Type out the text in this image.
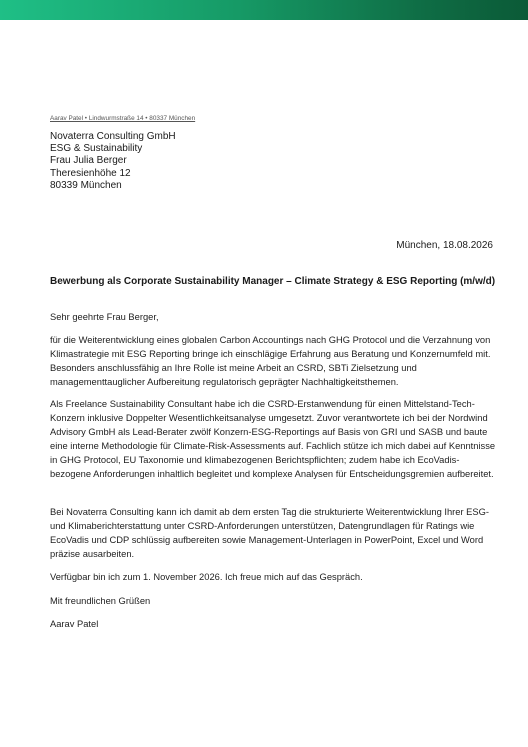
Aarav Patel • Lindwurmstraße 14 • 80337 München
Novaterra Consulting GmbH
ESG & Sustainability
Frau Julia Berger
Theresienhöhe 12
80339 München
München, 18.08.2026
Bewerbung als Corporate Sustainability Manager – Climate Strategy & ESG Reporting (m/w/d)

Sehr geehrte Frau Berger,

für die Weiterentwicklung eines globalen Carbon Accountings nach GHG Protocol und die Verzahnung von Klimastrategie mit ESG Reporting bringe ich einschlägige Erfahrung aus Beratung und Konzernumfeld mit. Besonders anschlussfähig an Ihre Rolle ist meine Arbeit an CSRD, SBTi Zielsetzung und managementtauglicher Aufbereitung regulatorisch geprägter Nachhaltigkeitsthemen.

Als Freelance Sustainability Consultant habe ich die CSRD-Erstanwendung für einen Mittelstand-Tech-Konzern inklusive Doppelter Wesentlichkeitsanalyse umgesetzt. Zuvor verantwortete ich bei der Nordwind Advisory GmbH als Lead-Berater zwölf Konzern-ESG-Reportings auf Basis von GRI und SASB und baute eine interne Methodologie für Climate-Risk-Assessments auf. Fachlich stütze ich mich dabei auf Kenntnisse in GHG Protocol, EU Taxonomie und klimabezogenen Berichtspflichten; zudem habe ich EcoVadis-bezogene Anforderungen inhaltlich begleitet und komplexe Analysen für Entscheidungsgremien aufbereitet.

Bei Novaterra Consulting kann ich damit ab dem ersten Tag die strukturierte Weiterentwicklung Ihrer ESG- und Klimaberichterstattung unter CSRD-Anforderungen unterstützen, Datengrundlagen für Ratings wie EcoVadis und CDP schlüssig aufbereiten sowie Management-Unterlagen in PowerPoint, Excel und Word präzise ausarbeiten.

Verfügbar bin ich zum 1. November 2026. Ich freue mich auf das Gespräch.

Mit freundlichen Grüßen

Aarav Patel
